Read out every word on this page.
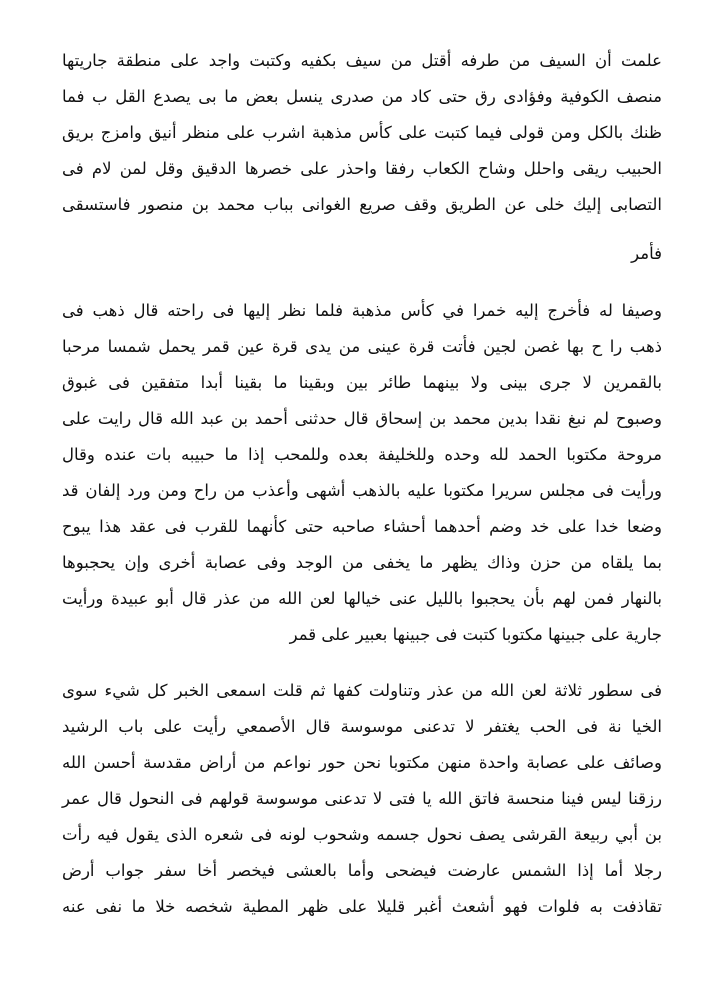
علمت أن السيف من طرفه أقتل من سيف بكفيه وكتبت واجد على منطقة جاريتها
منصف الكوفية وفؤادى رق حتى كاد من صدرى ينسل بعض ما بى يصدع القل ب فما
ظنك بالكل ومن قولى فيما كتبت على كأس مذهبة اشرب على منظر أنيق وامزج بريق
الحبيب ريقى واحلل وشاح الكعاب رفقا واحذر على خصرها الدقيق وقل لمن لام فى
التصابى إليك خلى عن الطريق وقف صريع الغوانى بباب محمد بن منصور فاستسقى
فأمر
وصيفا له فأخرج إليه خمرا في كأس مذهبة فلما نظر إليها فى راحته قال ذهب فى
ذهب را ح بها غصن لجين فأتت قرة عينى من يدى قرة عين قمر يحمل شمسا مرحبا
بالقمرين لا جرى بينى ولا بينهما طائر بين وبقينا ما بقينا أبدا متفقين فى غبوق
وصبوح لم نبغ نقدا بدين محمد بن إسحاق قال حدثنى أحمد بن عبد الله قال رايت على
مروحة مكتوبا الحمد لله وحده وللخليفة بعده وللمحب إذا ما حبيبه بات عنده وقال
ورأيت فى مجلس سريرا مكتوبا عليه بالذهب أشهى وأعذب من راح ومن ورد إلفان قد
وضعا خدا على خد وضم أحدهما أحشاء صاحبه حتى كأنهما للقرب فى عقد هذا يبوح
بما يلقاه من حزن وذاك يظهر ما يخفى من الوجد وفى عصابة أخرى وإن يحجبوها
بالنهار فمن لهم بأن يحجبوا بالليل عنى خيالها لعن الله من عذر قال أبو عبيدة ورأيت
جارية على جبينها مكتوبا كتبت فى جبينها بعبير على قمر
فى سطور ثلاثة لعن الله من عذر وتناولت كفها ثم قلت اسمعى الخبر كل شيء سوى
الخيا نة فى الحب يغتفر لا تدعنى موسوسة قال الأصمعي رأيت على باب الرشيد
وصائف على عصابة واحدة منهن مكتوبا نحن حور نواعم من أراض مقدسة أحسن الله
رزقنا ليس فينا منحسة فاتق الله يا فتى لا تدعنى موسوسة قولهم فى النحول قال عمر
بن أبي ربيعة القرشى يصف نحول جسمه وشحوب لونه فى شعره الذى يقول فيه رأت
رجلا أما إذا الشمس عارضت فيضحى وأما بالعشى فيخصر أخا سفر جواب أرض
تقاذفت به فلوات فهو أشعث أغبر قليلا على ظهر المطية شخصه خلا ما نفى عنه
